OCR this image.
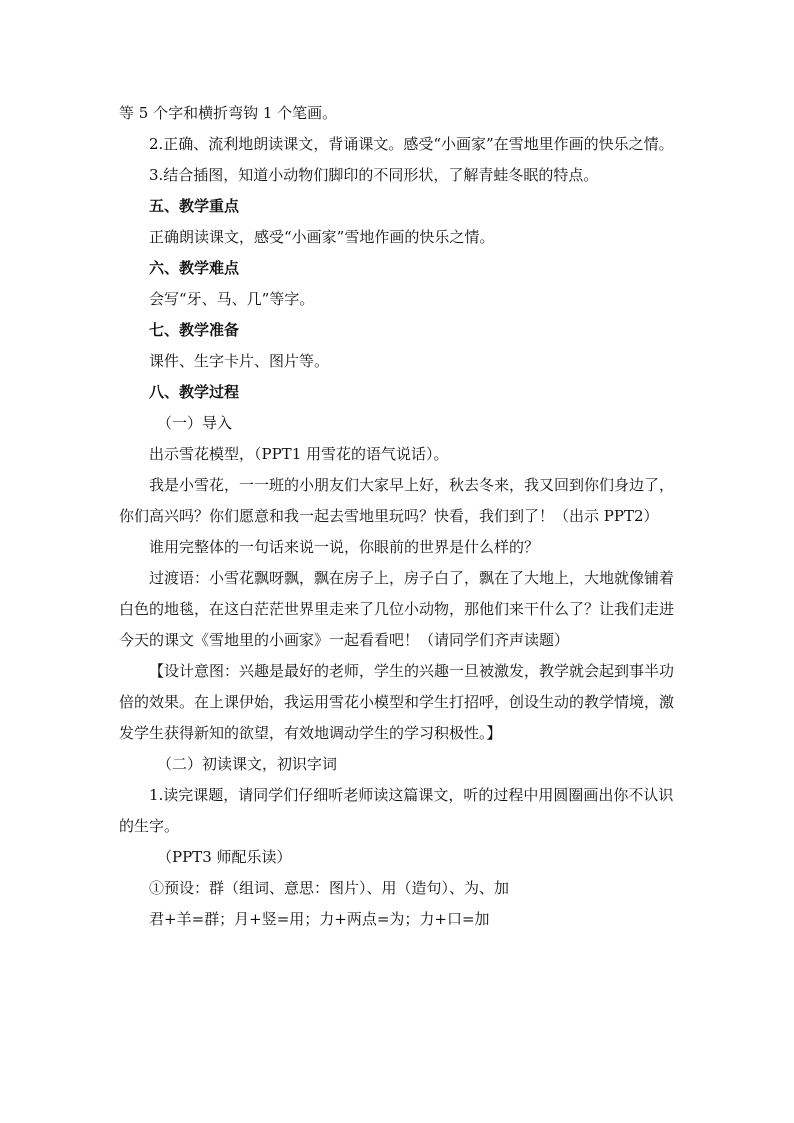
等 5 个字和横折弯钩 1 个笔画。

2.正确、流利地朗读课文，背诵课文。感受“小画家”在雪地里作画的快乐之情。

3.结合插图，知道小动物们脚印的不同形状，了解青蛙冬眠的特点。

五、教学重点

正确朗读课文，感受“小画家”雪地作画的快乐之情。

六、教学难点

会写“牙、马、几”等字。

七、教学准备

课件、生字卡片、图片等。

八、教学过程

（一）导入

出示雪花模型，（PPT1 用雪花的语气说话）。

我是小雪花，一一班的小朋友们大家早上好，秋去冬来，我又回到你们身边了，你们高兴吗？你们愿意和我一起去雪地里玩吗？快看，我们到了！（出示 PPT2）

谁用完整体的一句话来说一说，你眼前的世界是什么样的？

过渡语：小雪花飘呀飘，飘在房子上，房子白了，飘在了大地上，大地就像铺着白色的地毯，在这白茫茫世界里走来了几位小动物，那他们来干什么了？让我们走进今天的课文《雪地里的小画家》一起看看吧！（请同学们齐声读题）

【设计意图：兴趣是最好的老师，学生的兴趣一旦被激发，教学就会起到事半功倍的效果。在上课伊始，我运用雪花小模型和学生打招呼，创设生动的教学情境，激发学生获得新知的欲望，有效地调动学生的学习积极性。】

（二）初读课文，初识字词

1.读完课题，请同学们仔细听老师读这篇课文，听的过程中用圆圈画出你不认识的生字。

（PPT3 师配乐读）

①预设：群（组词、意思：图片）、用（造句）、为、加

君+羊=群；月+竖=用；力+两点=为；力+口=加
